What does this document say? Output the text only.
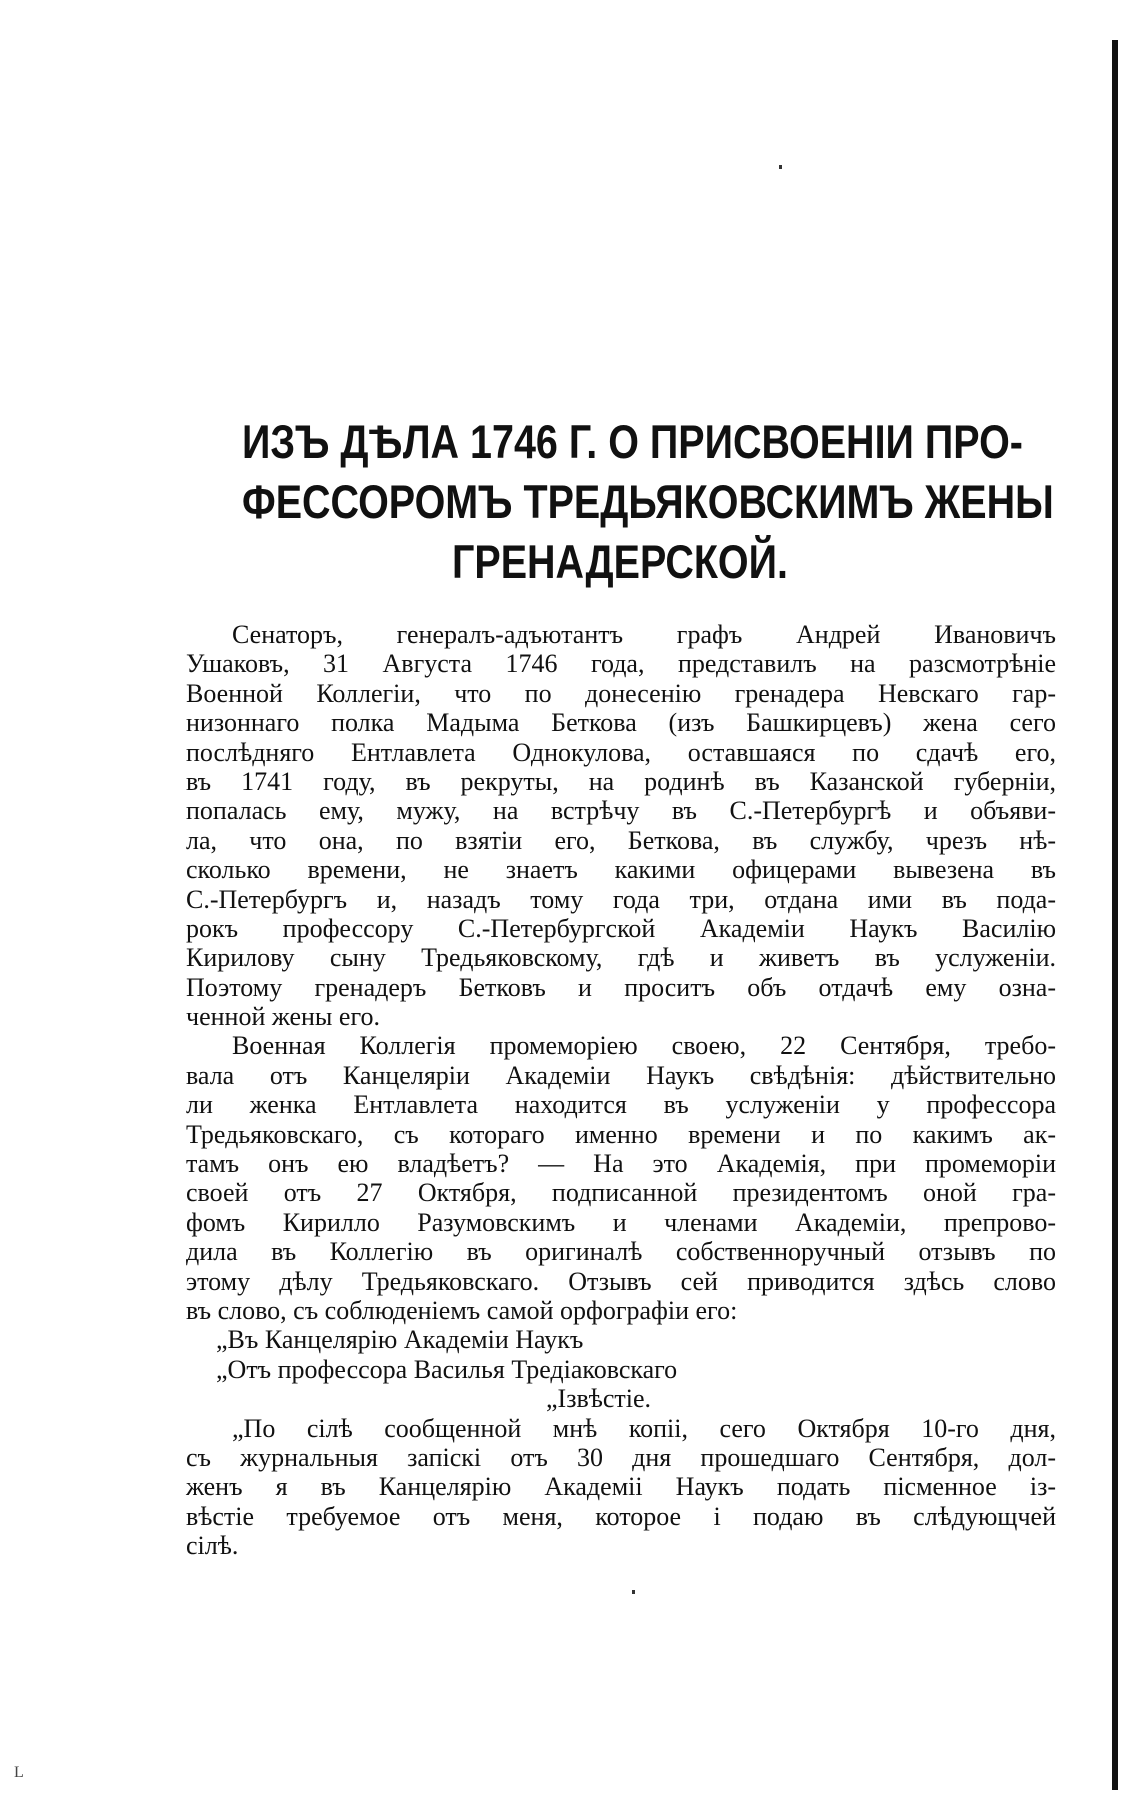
L
ИЗЪ ДѢЛА 1746 Г. О ПРИСВОЕНІИ ПРО-
ФЕССОРОМЪ ТРЕДЬЯКОВСКИМЪ ЖЕНЫ
ГРЕНАДЕРСКОЙ.
Сенаторъ, генералъ-адъютантъ графъ Андрей Ивановичъ
Ушаковъ, 31 Августа 1746 года, представилъ на разсмотрѣніе
Военной Коллегіи, что по донесенію гренадера Невскаго гар-
низоннаго полка Мадыма Беткова (изъ Башкирцевъ) жена сего
послѣдняго Ентлавлета Однокулова, оставшаяся по сдачѣ его,
въ 1741 году, въ рекруты, на родинѣ въ Казанской губерніи,
попалась ему, мужу, на встрѣчу въ С.-Петербургѣ и объяви-
ла, что она, по взятіи его, Беткова, въ службу, чрезъ нѣ-
сколько времени, не знаетъ какими офицерами вывезена въ
С.-Петербургъ и, назадъ тому года три, отдана ими въ пода-
рокъ профессору С.-Петербургской Академіи Наукъ Василію
Кирилову сыну Тредьяковскому, гдѣ и живетъ въ услуженіи.
Поэтому гренадеръ Бетковъ и проситъ объ отдачѣ ему озна-
ченной жены его.
Военная Коллегія промеморіею своею, 22 Сентября, требо-
вала отъ Канцеляріи Академіи Наукъ свѣдѣнія: дѣйствительно
ли женка Ентлавлета находится въ услуженіи у профессора
Тредьяковскаго, съ котораго именно времени и по какимъ ак-
тамъ онъ ею владѣетъ? — На это Академія, при промеморіи
своей отъ 27 Октября, подписанной президентомъ оной гра-
фомъ Кирилло Разумовскимъ и членами Академіи, препрово-
дила въ Коллегію въ оригиналѣ собственноручный отзывъ по
этому дѣлу Тредьяковскаго. Отзывъ сей приводится здѣсь слово
въ слово, съ соблюденіемъ самой орфографіи его:
„Въ Канцелярію Академіи Наукъ
„Отъ профессора Василья Тредіаковскаго
„Ізвѣстіе.
„По сілѣ сообщенной мнѣ копіі, сего Октября 10-го дня,
съ журнальныя запіскі отъ 30 дня прошедшаго Сентября, дол-
женъ я въ Канцелярію Академіі Наукъ подать пісменное із-
вѣстіе требуемое отъ меня, которое і подаю въ слѣдующчей
сілѣ.
